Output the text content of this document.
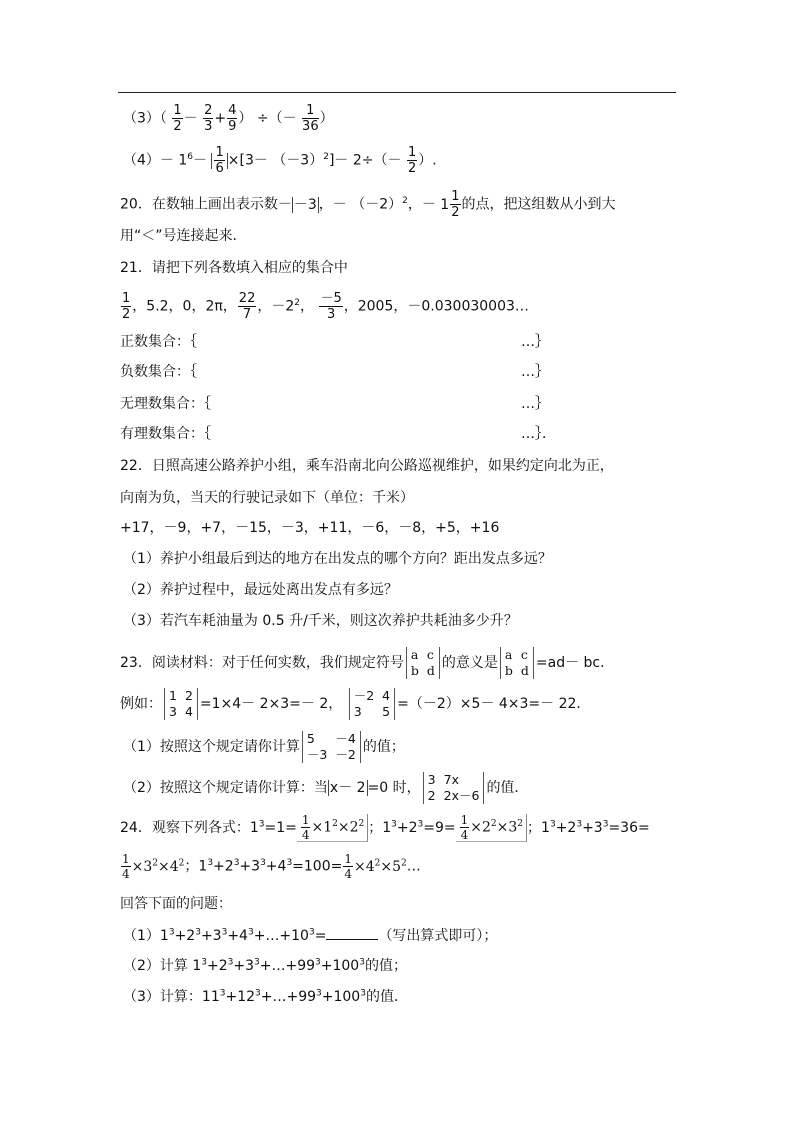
$(3)( \frac{1}{2} - \frac{2}{3} + \frac{4}{9}$ ） ÷（－ $\frac{1}{36}$ ）
$(4)- 1^6- \frac{1}{6} \times[3- (-3)^2]- 2\div(- \frac{1}{2}$ ）.
20．在数轴上画出表示数－ －3 ，－ $(-2)^2$，－ $1 \frac{1}{2}$ 的点，把这组数从小到大
用“＜”号连接起来．
21．请把下列各数填入相应的集合中
$\frac{1}{2}$ ，5.2，0，2π， $\frac{22}{7}$ ，$-2^2$， $\frac{-5}{3}$ ，2005，－0.030030003…
正数集合：｛	…｝
负数集合：｛	…｝
无理数集合：｛	…｝
有理数集合：｛	…｝．
22．日照高速公路养护小组，乘车沿南北向公路巡视维护，如果约定向北为正，
向南为负，当天的行驶记录如下（单位：千米）
+17，－9，+7，－15，－3，+11，－6，－8，+5，+16
（1）养护小组最后到达的地方在出发点的哪个方向？距出发点多远？
（2）养护过程中，最远处离出发点有多远？
（3）若汽车耗油量为 0.5 升/千米，则这次养护共耗油多少升？
23．阅读材料：对于任何实数，我们规定符号
a c
b d 的意义是
a c
b d =ad－ bc．
例如：
1 2
3 4 =1×4－ 2×3=－ 2，
－2 4
3	5 =（－2）×5－ 4×3=－ 22．
（1）按照这个规定请你计算
5	－4
－3 －2 的值；
（2）按照这个规定请你计算：当 x－ 2 =0 时，
3 7x
2 2x－6 的值．
24．观察下列各式：$1^3=1= \frac{1}{4} \times 1^2\times 2^2$ ；$1^3+2^3=9= \frac{1}{4} \times 2^2\times 3^2$ ；$1^3+2^3+3^3=36=$
$\frac{1}{4} \times 3^2\times 4^2$；$1^3+2^3+3^3+4^3=100= \frac{1}{4}$ $\times 4^2\times 5^2\dots$
回答下面的问题：
$(1)1^3+2^3+3^3+4^3+\dots+10^3=$	（写出算式即可）；
（2）计算 $1^3+2^3+3^3+\dots+99^3+100^3$的值；
（3）计算：$11^3+12^3+\dots+99^3+100^3$的值．
